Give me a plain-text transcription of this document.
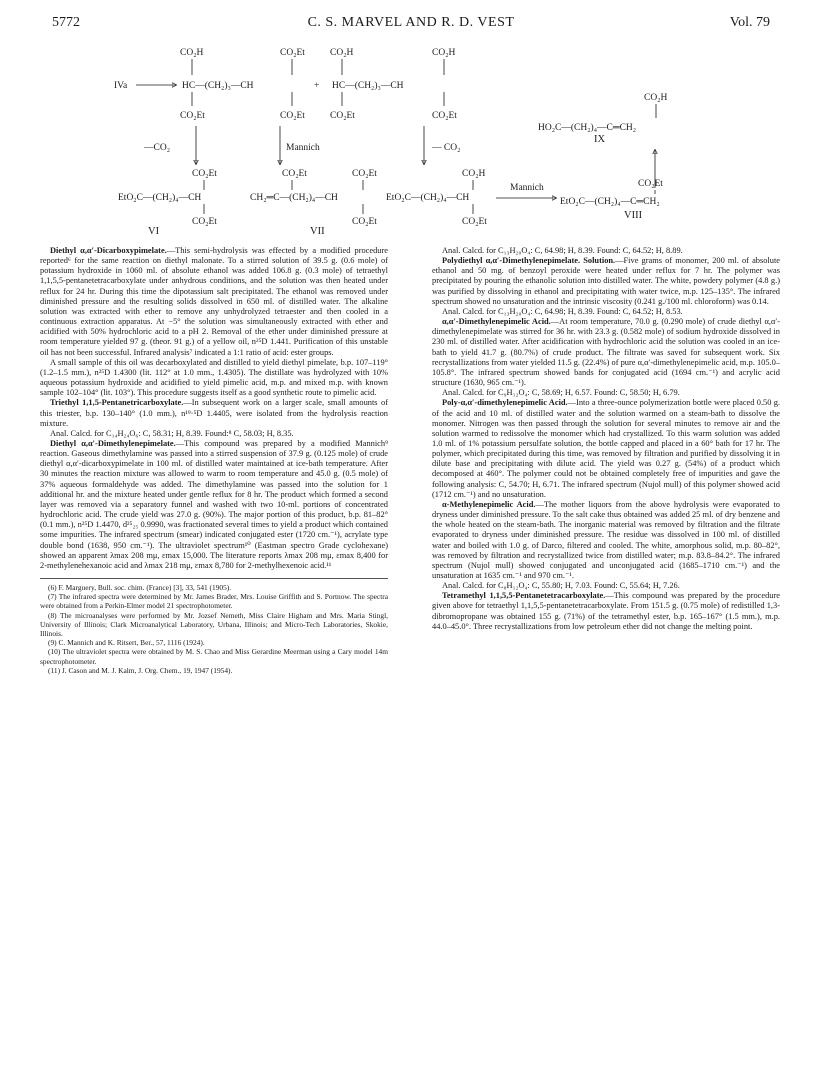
5772	C. S. MARVEL AND R. D. VEST	Vol. 79
IVa
CO₂H	CO₂Et
HC—(CH₂)₃—CH
CO₂Et	CO₂Et
+
CO₂H	CO₂H
HC—(CH₂)₃—CH
CO₂Et	CO₂Et
—CO₂	Mannich	— CO₂
CO₂H
HO₂C—(CH₂)₄—C═CH₂
IX
CO₂Et
EtO₂C—(CH₂)₄—CH
CO₂Et
VI
CO₂Et	CO₂Et
CH₂═C—(CH₂)₄—CH
CO₂Et
VII
CO₂H
EtO₂C—(CH₂)₄—CH
CO₂Et
Mannich	CO₂Et
EtO₂C—(CH₂)₄—C═CH₂
VIII

Diethyl α,α′-Dicarboxypimelate.—This semi-hydrolysis was effected by a modified procedure reported⁶ for the same reaction on diethyl malonate. To a stirred solution of 39.5 g. (0.6 mole) of potassium hydroxide in 1060 ml. of absolute ethanol was added 106.8 g. (0.3 mole) of tetraethyl 1,1,5,5-pentanetetracarboxylate under anhydrous conditions, and the solution was then heated under reflux for 24 hr. During this time the dipotassium salt precipitated. The ethanol was removed under diminished pressure and the resulting solids dissolved in 650 ml. of distilled water. The alkaline solution was extracted with ether to remove any unhydrolyzed tetraester and then cooled in a continuous extraction apparatus. At −5° the solution was simultaneously extracted with ether and acidified with 50% hydrochloric acid to a pH 2. Removal of the ether under diminished pressure at room temperature yielded 97 g. (theor. 91 g.) of a yellow oil, n²⁵D 1.441. Purification of this unstable oil has not been successful. Infrared analysis⁷ indicated a 1:1 ratio of acid: ester groups.

A small sample of this oil was decarboxylated and distilled to yield diethyl pimelate, b.p. 107–119° (1.2–1.5 mm.), n²⁵D 1.4300 (lit. 112° at 1.0 mm., 1.4305). The distillate was hydrolyzed with 10% aqueous potassium hydroxide and acidified to yield pimelic acid, m.p. and mixed m.p. with known sample 102–104° (lit. 103°). This procedure suggests itself as a good synthetic route to pimelic acid.

Triethyl 1,1,5-Pentanetricarboxylate.—In subsequent work on a larger scale, small amounts of this triester, b.p. 130–140° (1.0 mm.), n¹⁹·⁵D 1.4405, were isolated from the hydrolysis reaction mixture.

Anal. Calcd. for C₁₄H₂₄O₆: C, 58.31; H, 8.39. Found:⁸ C, 58.03; H, 8.35.

Diethyl α,α′-Dimethylenepimelate.—This compound was prepared by a modified Mannich⁹ reaction. Gaseous dimethylamine was passed into a stirred suspension of 37.9 g. (0.125 mole) of crude diethyl α,α′-dicarboxypimelate in 100 ml. of distilled water maintained at ice-bath temperature. After 30 minutes the reaction mixture was allowed to warm to room temperature and 45.0 g. (0.5 mole) of 37% aqueous formaldehyde was added. The dimethylamine was passed into the solution for 1 additional hr. and the mixture heated under gentle reflux for 8 hr. The product which formed a second layer was removed via a separatory funnel and washed with two 10-ml. portions of concentrated hydrochloric acid. The crude yield was 27.0 g. (90%). The major portion of this product, b.p. 81–82° (0.1 mm.), n²⁵D 1.4470, d²⁵₂₅ 0.9990, was fractionated several times to yield a product which contained some impurities. The infrared spectrum (smear) indicated conjugated ester (1720 cm.⁻¹), acrylate type double bond (1638, 950 cm.⁻¹). The ultraviolet spectrum¹⁰ (Eastman spectro Grade cyclohexane) showed an apparent λmax 208 mμ, εmax 15,000. The literature reports λmax 208 mμ, εmax 8,400 for 2-methylenehexanoic acid and λmax 218 mμ, εmax 8,780 for 2-methylhexenoic acid.¹¹

(6) F. Marguery, Bull. soc. chim. (France) [3], 33, 541 (1905).

(7) The infrared spectra were determined by Mr. James Brader, Mrs. Louise Griffith and S. Portnow. The spectra were obtained from a Perkin-Elmer model 21 spectrophotometer.

(8) The microanalyses were performed by Mr. Jozsef Nemeth, Miss Claire Higham and Mrs. Maria Stingl, University of Illinois; Clark Microanalytical Laboratory, Urbana, Illinois; and Micro-Tech Laboratories, Skokie, Illinois.

(9) C. Mannich and K. Ritsert, Ber., 57, 1116 (1924).

(10) The ultraviolet spectra were obtained by M. S. Chao and Miss Gerardine Meerman using a Cary model 14m spectrophotometer.

(11) J. Cason and M. J. Kalm, J. Org. Chem., 19, 1947 (1954).

Anal. Calcd. for C₁₃H₂₀O₄: C, 64.98; H, 8.39. Found: C, 64.52; H, 8.89.

Polydiethyl α,α′-Dimethylenepimelate. Solution.—Five grams of monomer, 200 ml. of absolute ethanol and 50 mg. of benzoyl peroxide were heated under reflux for 7 hr. The polymer was precipitated by pouring the ethanolic solution into distilled water. The white, powdery polymer (4.8 g.) was purified by dissolving in ethanol and precipitating with water twice, m.p. 125–135°. The infrared spectrum showed no unsaturation and the intrinsic viscosity (0.241 g./100 ml. chloroform) was 0.14.

Anal. Calcd. for C₁₃H₂₀O₄: C, 64.98; H, 8.39. Found: C, 64.52; H, 8.53.

α,α′-Dimethylenepimelic Acid.—At room temperature, 70.0 g. (0.290 mole) of crude diethyl α,α′-dimethylenepimelate was stirred for 36 hr. with 23.3 g. (0.582 mole) of sodium hydroxide dissolved in 230 ml. of distilled water. After acidification with hydrochloric acid the solution was cooled in an ice-bath to yield 41.7 g. (80.7%) of crude product. The filtrate was saved for subsequent work. Six recrystallizations from water yielded 11.5 g. (22.4%) of pure α,α′-dimethylenepimelic acid, m.p. 105.0–105.8°. The infrared spectrum showed bands for conjugated acid (1694 cm.⁻¹) and acrylic acid structure (1630, 965 cm.⁻¹).

Anal. Calcd. for C₉H₁₂O₄: C, 58.69; H, 6.57. Found: C, 58.50; H, 6.79.

Poly-α,α′-dimethylenepimelic Acid.—Into a three-ounce polymerization bottle were placed 0.50 g. of the acid and 10 ml. of distilled water and the solution warmed on a steam-bath to dissolve the monomer. Nitrogen was then passed through the solution for several minutes to remove air and the solution warmed to redissolve the monomer which had crystallized. To this warm solution was added 1.0 ml. of 1% potassium persulfate solution, the bottle capped and placed in a 60° bath for 17 hr. The polymer, which precipitated during this time, was removed by filtration and purified by dissolving it in dilute base and precipitating with dilute acid. The yield was 0.27 g. (54%) of a product which decomposed at 460°. The polymer could not be obtained completely free of impurities and gave the following analysis: C, 54.70; H, 6.71. The infrared spectrum (Nujol mull) of this polymer showed acid (1712 cm.⁻¹) and no unsaturation.

α-Methylenepimelic Acid.—The mother liquors from the above hydrolysis were evaporated to dryness under diminished pressure. To the salt cake thus obtained was added 25 ml. of dry benzene and the whole heated on the steam-bath. The inorganic material was removed by filtration and the filtrate evaporated to dryness under diminished pressure. The residue was dissolved in 100 ml. of distilled water and boiled with 1.0 g. of Darco, filtered and cooled. The white, amorphous solid, m.p. 80–82°, was removed by filtration and recrystallized twice from distilled water; m.p. 83.8–84.2°. The infrared spectrum (Nujol mull) showed conjugated and unconjugated acid (1685–1710 cm.⁻¹) and the unsaturation at 1635 cm.⁻¹ and 970 cm.⁻¹.

Anal. Calcd. for C₈H₁₂O₄: C, 55.80; H, 7.03. Found: C, 55.64; H, 7.26.

Tetramethyl 1,1,5,5-Pentanetetracarboxylate.—This compound was prepared by the procedure given above for tetraethyl 1,1,5,5-pentanetetracarboxylate. From 151.5 g. (0.75 mole) of redistilled 1,3-dibromopropane was obtained 155 g. (71%) of the tetramethyl ester, b.p. 165–167° (1.5 mm.), m.p. 44.0–45.0°. Three recrystallizations from low petroleum ether did not change the melting point.
